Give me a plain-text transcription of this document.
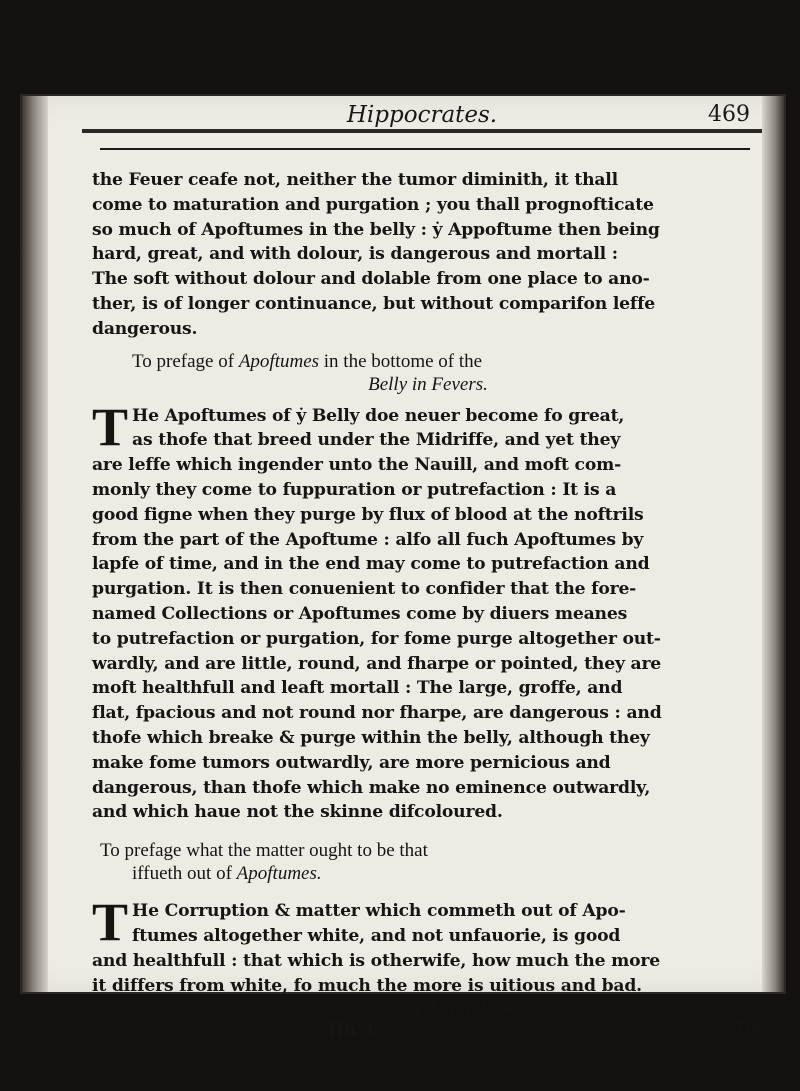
Hippocrates.	469
the Feuer ceafe not, neither the tumor diminith, it thall
come to maturation and purgation ; you thall prognofticate
so much of Apoftumes in the belly : ẏ Appoftume then being
hard, great, and with dolour, is dangerous and mortall :
The soft without dolour and dolable from one place to ano-
ther, is of longer continuance, but without comparifon leffe
dangerous.
To prefage of Apoftumes in the bottome of the
Belly in Fevers.
T He Apoftumes of ẏ Belly doe neuer become fo great,
as thofe that breed under the Midriffe, and yet they
are leffe which ingender unto the Nauill, and moft com-
monly they come to fuppuration or putrefaction : It is a
good figne when they purge by flux of blood at the noftrils
from the part of the Apoftume : alfo all fuch Apoftumes by
lapfe of time, and in the end may come to putrefaction and
purgation. It is then conuenient to confider that the fore-
named Collections or Apoftumes come by diuers meanes
to putrefaction or purgation, for fome purge altogether out-
wardly, and are little, round, and fharpe or pointed, they are
moft healthfull and leaft mortall : The large, groffe, and
flat, fpacious and not round nor fharpe, are dangerous : and
thofe which breake & purge within the belly, although they
make fome tumors outwardly, are more pernicious and
dangerous, than thofe which make no eminence outwardly,
and which haue not the skinne difcoloured.
To prefage what the matter ought to be that
iffueth out of Apoftumes.
T He Corruption & matter which commeth out of Apo-
ftumes altogether white, and not unfauorie, is good
and healthfull : that which is otherwife, how much the more
it differs from white, fo much the more is uitious and bad.
The end of the firft Booke.
Hh 3	The
